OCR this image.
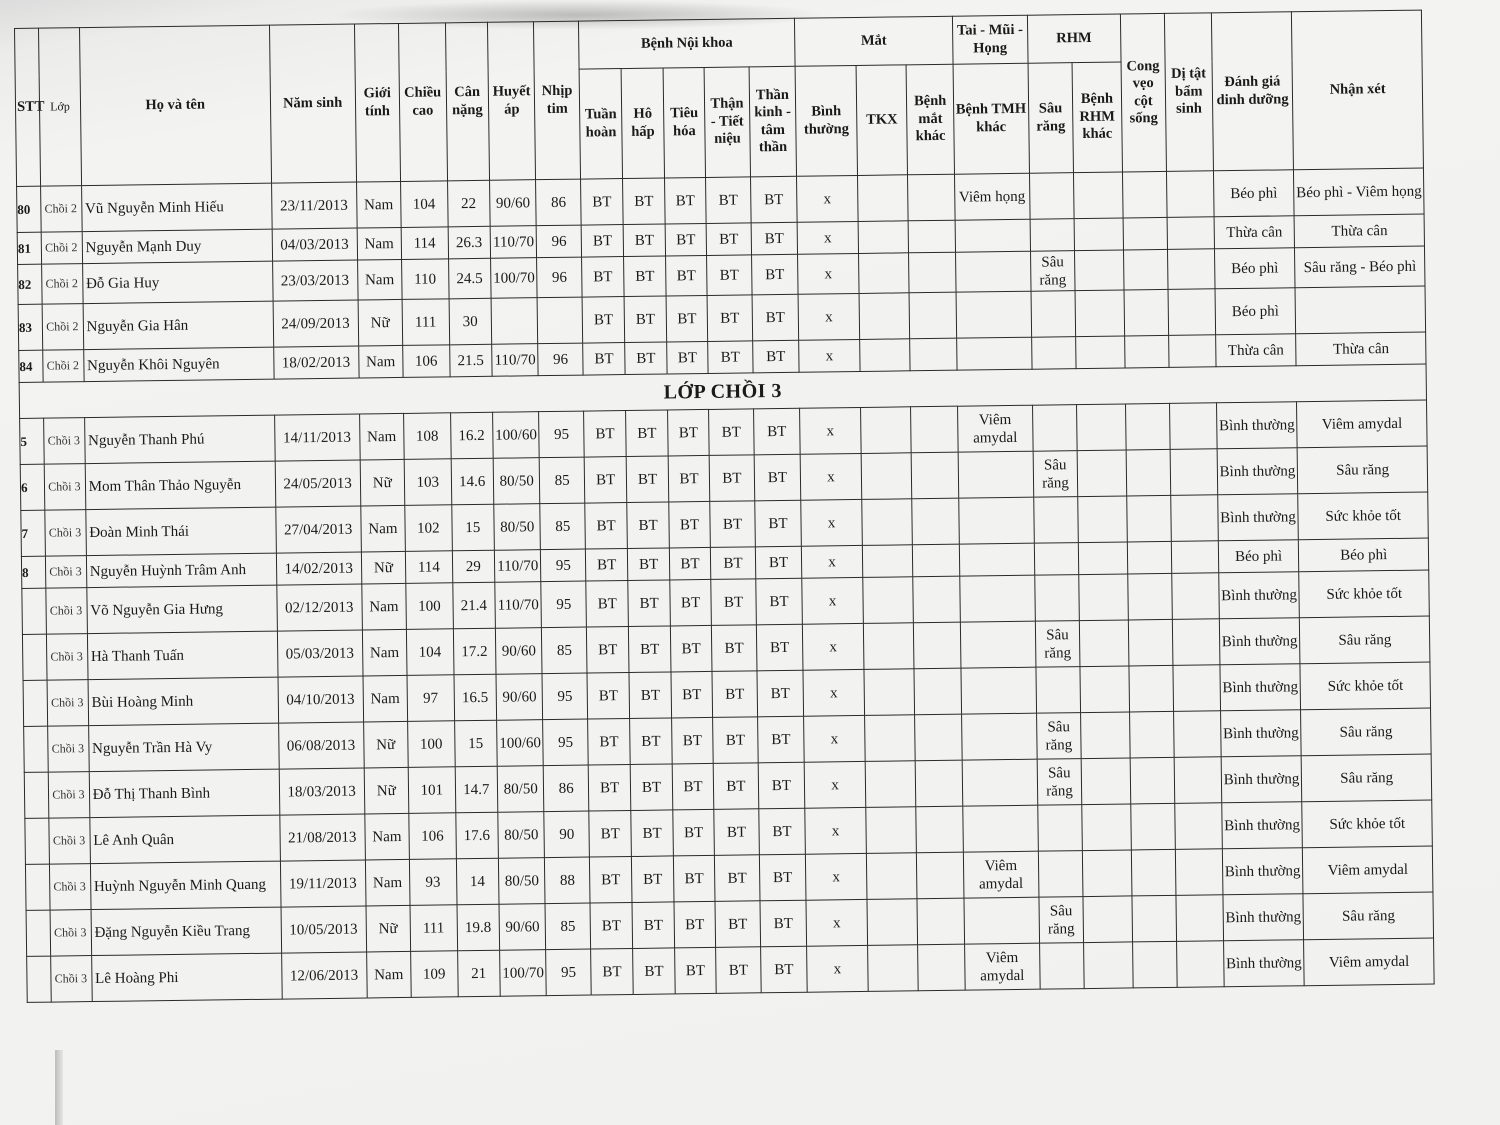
STT	Lớp	Họ và tên	Năm sinh	Giới tính	Chiều cao	Cân nặng	Huyết áp	Nhịp tim	Bệnh Nội khoa					Mắt			Tai - Mũi - Họng	RHM		Cong vẹo cột sống	Dị tật bẩm sinh	Đánh giá dinh dưỡng	Nhận xét
									Tuần hoàn	Hô hấp	Tiêu hóa	Thận - Tiết niệu	Thần kinh - tâm thần	Bình thường	TKX	Bệnh mắt khác	Bệnh TMH khác	Sâu răng	Bệnh RHM khác				
80	Chồi 2	Vũ Nguyễn Minh Hiếu	23/11/2013	Nam	104	22	90/60	86	BT	BT	BT	BT	BT	x			Viêm họng					Béo phì	Béo phì - Viêm họng
81	Chồi 2	Nguyễn Mạnh Duy	04/03/2013	Nam	114	26.3	110/70	96	BT	BT	BT	BT	BT	x								Thừa cân	Thừa cân
82	Chồi 2	Đỗ Gia Huy	23/03/2013	Nam	110	24.5	100/70	96	BT	BT	BT	BT	BT	x				Sâu răng				Béo phì	Sâu răng - Béo phì
83	Chồi 2	Nguyễn Gia Hân	24/09/2013	Nữ	111	30			BT	BT	BT	BT	BT	x								Béo phì	
84	Chồi 2	Nguyễn Khôi Nguyên	18/02/2013	Nam	106	21.5	110/70	96	BT	BT	BT	BT	BT	x								Thừa cân	Thừa cân
LỚP CHỒI 3																							
5	Chồi 3	Nguyễn Thanh Phú	14/11/2013	Nam	108	16.2	100/60	95	BT	BT	BT	BT	BT	x			Viêm amydal					Bình thường	Viêm amydal
6	Chồi 3	Mom Thân Thảo Nguyễn	24/05/2013	Nữ	103	14.6	80/50	85	BT	BT	BT	BT	BT	x				Sâu răng				Bình thường	Sâu răng
7	Chồi 3	Đoàn Minh Thái	27/04/2013	Nam	102	15	80/50	85	BT	BT	BT	BT	BT	x								Bình thường	Sức khỏe tốt
8	Chồi 3	Nguyễn Huỳnh Trâm Anh	14/02/2013	Nữ	114	29	110/70	95	BT	BT	BT	BT	BT	x								Béo phì	Béo phì
	Chồi 3	Võ Nguyễn Gia Hưng	02/12/2013	Nam	100	21.4	110/70	95	BT	BT	BT	BT	BT	x								Bình thường	Sức khỏe tốt
	Chồi 3	Hà Thanh Tuấn	05/03/2013	Nam	104	17.2	90/60	85	BT	BT	BT	BT	BT	x				Sâu răng				Bình thường	Sâu răng
	Chồi 3	Bùi Hoàng Minh	04/10/2013	Nam	97	16.5	90/60	95	BT	BT	BT	BT	BT	x								Bình thường	Sức khỏe tốt
	Chồi 3	Nguyễn Trần Hà Vy	06/08/2013	Nữ	100	15	100/60	95	BT	BT	BT	BT	BT	x				Sâu răng				Bình thường	Sâu răng
	Chồi 3	Đỗ Thị Thanh Bình	18/03/2013	Nữ	101	14.7	80/50	86	BT	BT	BT	BT	BT	x				Sâu răng				Bình thường	Sâu răng
	Chồi 3	Lê Anh Quân	21/08/2013	Nam	106	17.6	80/50	90	BT	BT	BT	BT	BT	x								Bình thường	Sức khỏe tốt
	Chồi 3	Huỳnh Nguyễn Minh Quang	19/11/2013	Nam	93	14	80/50	88	BT	BT	BT	BT	BT	x			Viêm amydal					Bình thường	Viêm amydal
	Chồi 3	Đặng Nguyễn Kiều Trang	10/05/2013	Nữ	111	19.8	90/60	85	BT	BT	BT	BT	BT	x				Sâu răng				Bình thường	Sâu răng
	Chồi 3	Lê Hoàng Phi	12/06/2013	Nam	109	21	100/70	95	BT	BT	BT	BT	BT	x			Viêm amydal					Bình thường	Viêm amydal
